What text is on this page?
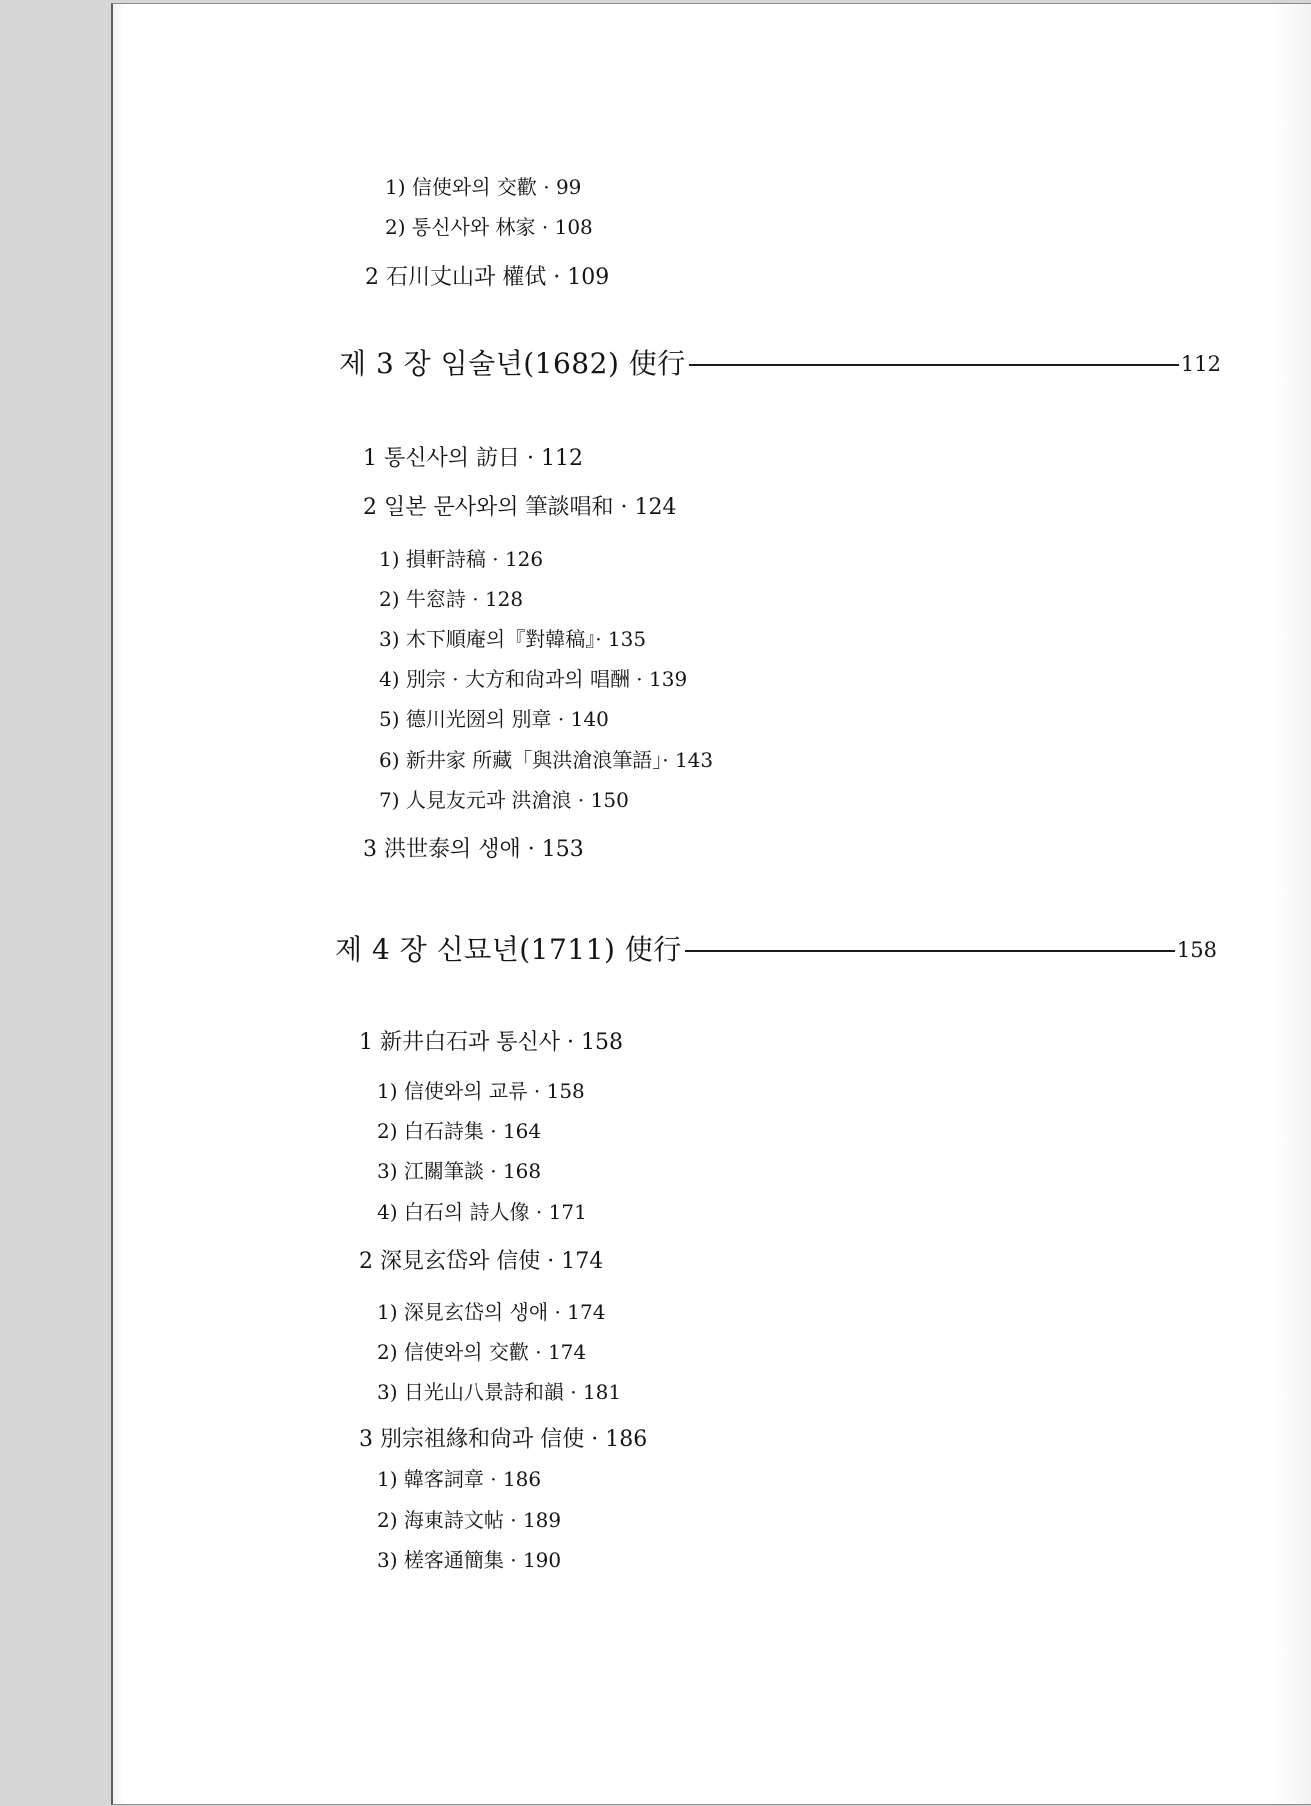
1) 信使와의 交歡 · 99
2) 통신사와 林家 · 108
2 石川丈山과 權侙 · 109
제 3 장 임술년(1682) 使行	112
1 통신사의 訪日 · 112
2 일본 문사와의 筆談唱和 · 124
1) 損軒詩稿 · 126
2) 牛窓詩 · 128
3) 木下順庵의『對韓稿』· 135
4) 別宗 · 大方和尙과의 唱酬 · 139
5) 德川光圀의 別章 · 140
6) 新井家 所藏「與洪滄浪筆語」· 143
7) 人見友元과 洪滄浪 · 150
3 洪世泰의 생애 · 153
제 4 장 신묘년(1711) 使行	158
1 新井白石과 통신사 · 158
1) 信使와의 교류 · 158
2) 白石詩集 · 164
3) 江關筆談 · 168
4) 白石의 詩人像 · 171
2 深見玄岱와 信使 · 174
1) 深見玄岱의 생애 · 174
2) 信使와의 交歡 · 174
3) 日光山八景詩和韻 · 181
3 別宗祖緣和尙과 信使 · 186
1) 韓客詞章 · 186
2) 海東詩文帖 · 189
3) 槎客通簡集 · 190
